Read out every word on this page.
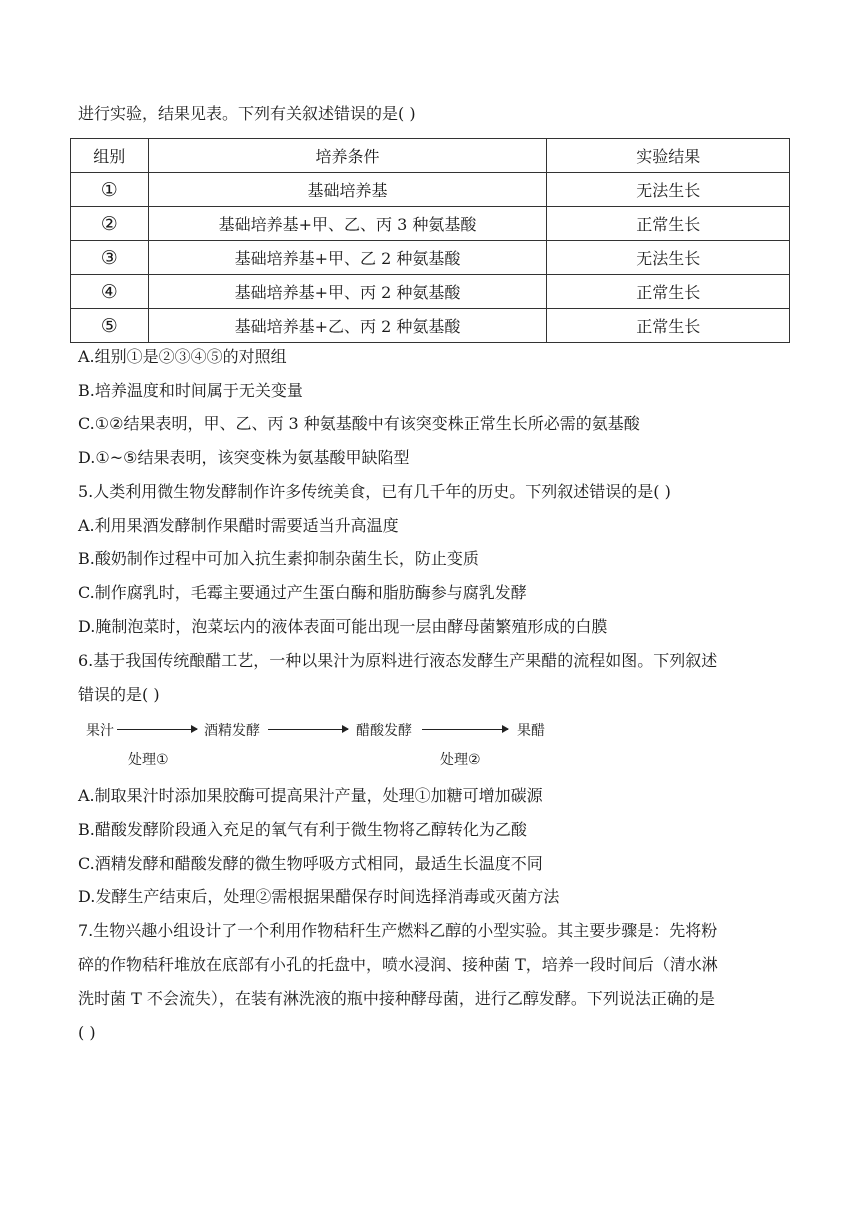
进行实验，结果见表。下列有关叙述错误的是( )
组别	培养条件	实验结果
①	基础培养基	无法生长
②	基础培养基+甲、乙、丙 3 种氨基酸	正常生长
③	基础培养基+甲、乙 2 种氨基酸	无法生长
④	基础培养基+甲、丙 2 种氨基酸	正常生长
⑤	基础培养基+乙、丙 2 种氨基酸	正常生长
A.组别①是②③④⑤的对照组
B.培养温度和时间属于无关变量
C.①②结果表明，甲、乙、丙 3 种氨基酸中有该突变株正常生长所必需的氨基酸
D.①~⑤结果表明，该突变株为氨基酸甲缺陷型
5.人类利用微生物发酵制作许多传统美食，已有几千年的历史。下列叙述错误的是( )
A.利用果酒发酵制作果醋时需要适当升高温度
B.酸奶制作过程中可加入抗生素抑制杂菌生长，防止变质
C.制作腐乳时，毛霉主要通过产生蛋白酶和脂肪酶参与腐乳发酵
D.腌制泡菜时，泡菜坛内的液体表面可能出现一层由酵母菌繁殖形成的白膜
6.基于我国传统酿醋工艺，一种以果汁为原料进行液态发酵生产果醋的流程如图。下列叙述
错误的是( )
果汁	酒精发酵	醋酸发酵	果醋
处理①	处理②
A.制取果汁时添加果胶酶可提高果汁产量，处理①加糖可增加碳源
B.醋酸发酵阶段通入充足的氧气有利于微生物将乙醇转化为乙酸
C.酒精发酵和醋酸发酵的微生物呼吸方式相同，最适生长温度不同
D.发酵生产结束后，处理②需根据果醋保存时间选择消毒或灭菌方法
7.生物兴趣小组设计了一个利用作物秸秆生产燃料乙醇的小型实验。其主要步骤是：先将粉
碎的作物秸秆堆放在底部有小孔的托盘中，喷水浸润、接种菌 T，培养一段时间后（清水淋
洗时菌 T 不会流失），在装有淋洗液的瓶中接种酵母菌，进行乙醇发酵。下列说法正确的是
( )
